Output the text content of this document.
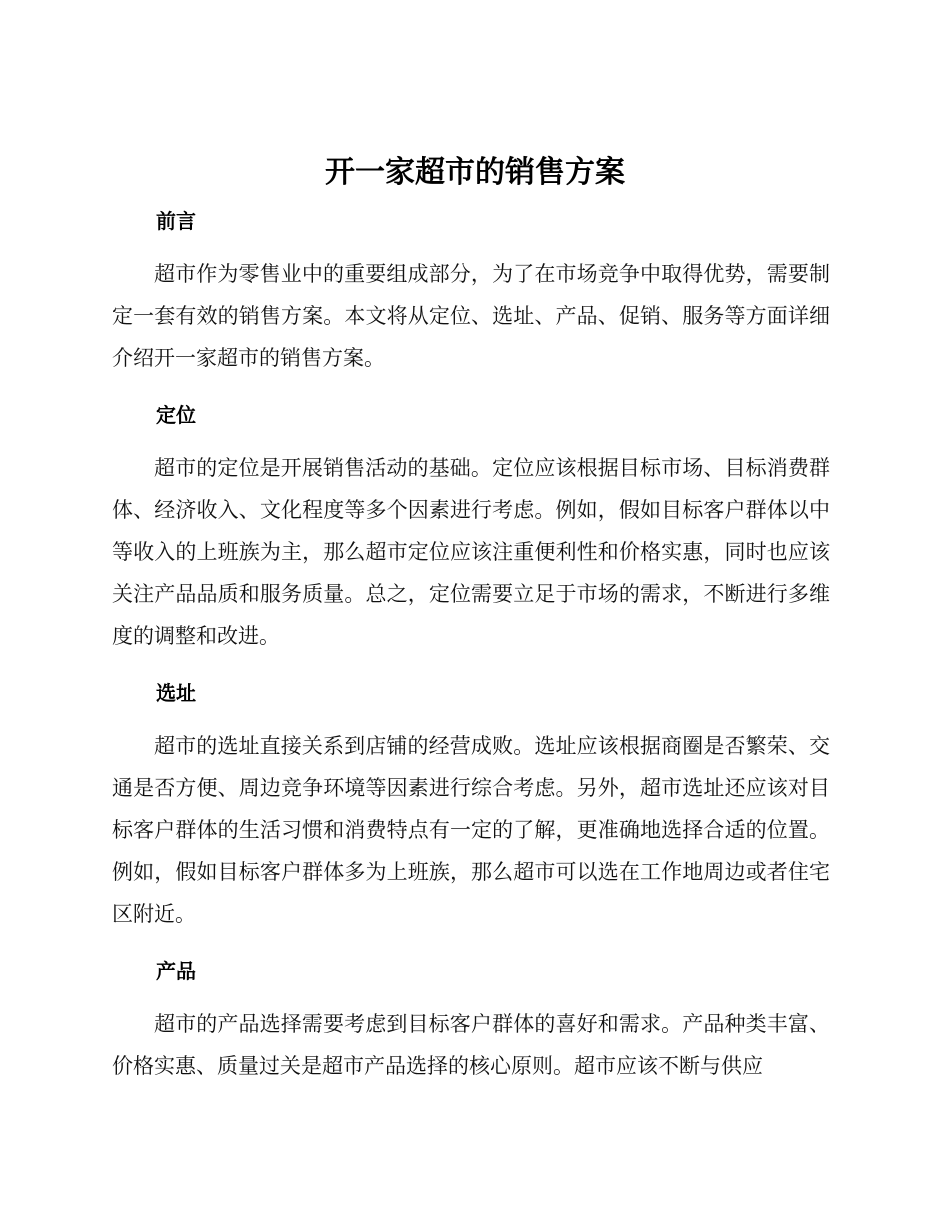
开一家超市的销售方案
前言

超市作为零售业中的重要组成部分，为了在市场竞争中取得优势，需要制定一套有效的销售方案。本文将从定位、选址、产品、促销、服务等方面详细介绍开一家超市的销售方案。

定位

超市的定位是开展销售活动的基础。定位应该根据目标市场、目标消费群体、经济收入、文化程度等多个因素进行考虑。例如，假如目标客户群体以中等收入的上班族为主，那么超市定位应该注重便利性和价格实惠，同时也应该关注产品品质和服务质量。总之，定位需要立足于市场的需求，不断进行多维度的调整和改进。

选址

超市的选址直接关系到店铺的经营成败。选址应该根据商圈是否繁荣、交通是否方便、周边竞争环境等因素进行综合考虑。另外，超市选址还应该对目标客户群体的生活习惯和消费特点有一定的了解，更准确地选择合适的位置。例如，假如目标客户群体多为上班族，那么超市可以选在工作地周边或者住宅区附近。

产品

超市的产品选择需要考虑到目标客户群体的喜好和需求。产品种类丰富、价格实惠、质量过关是超市产品选择的核心原则。超市应该不断与供应
